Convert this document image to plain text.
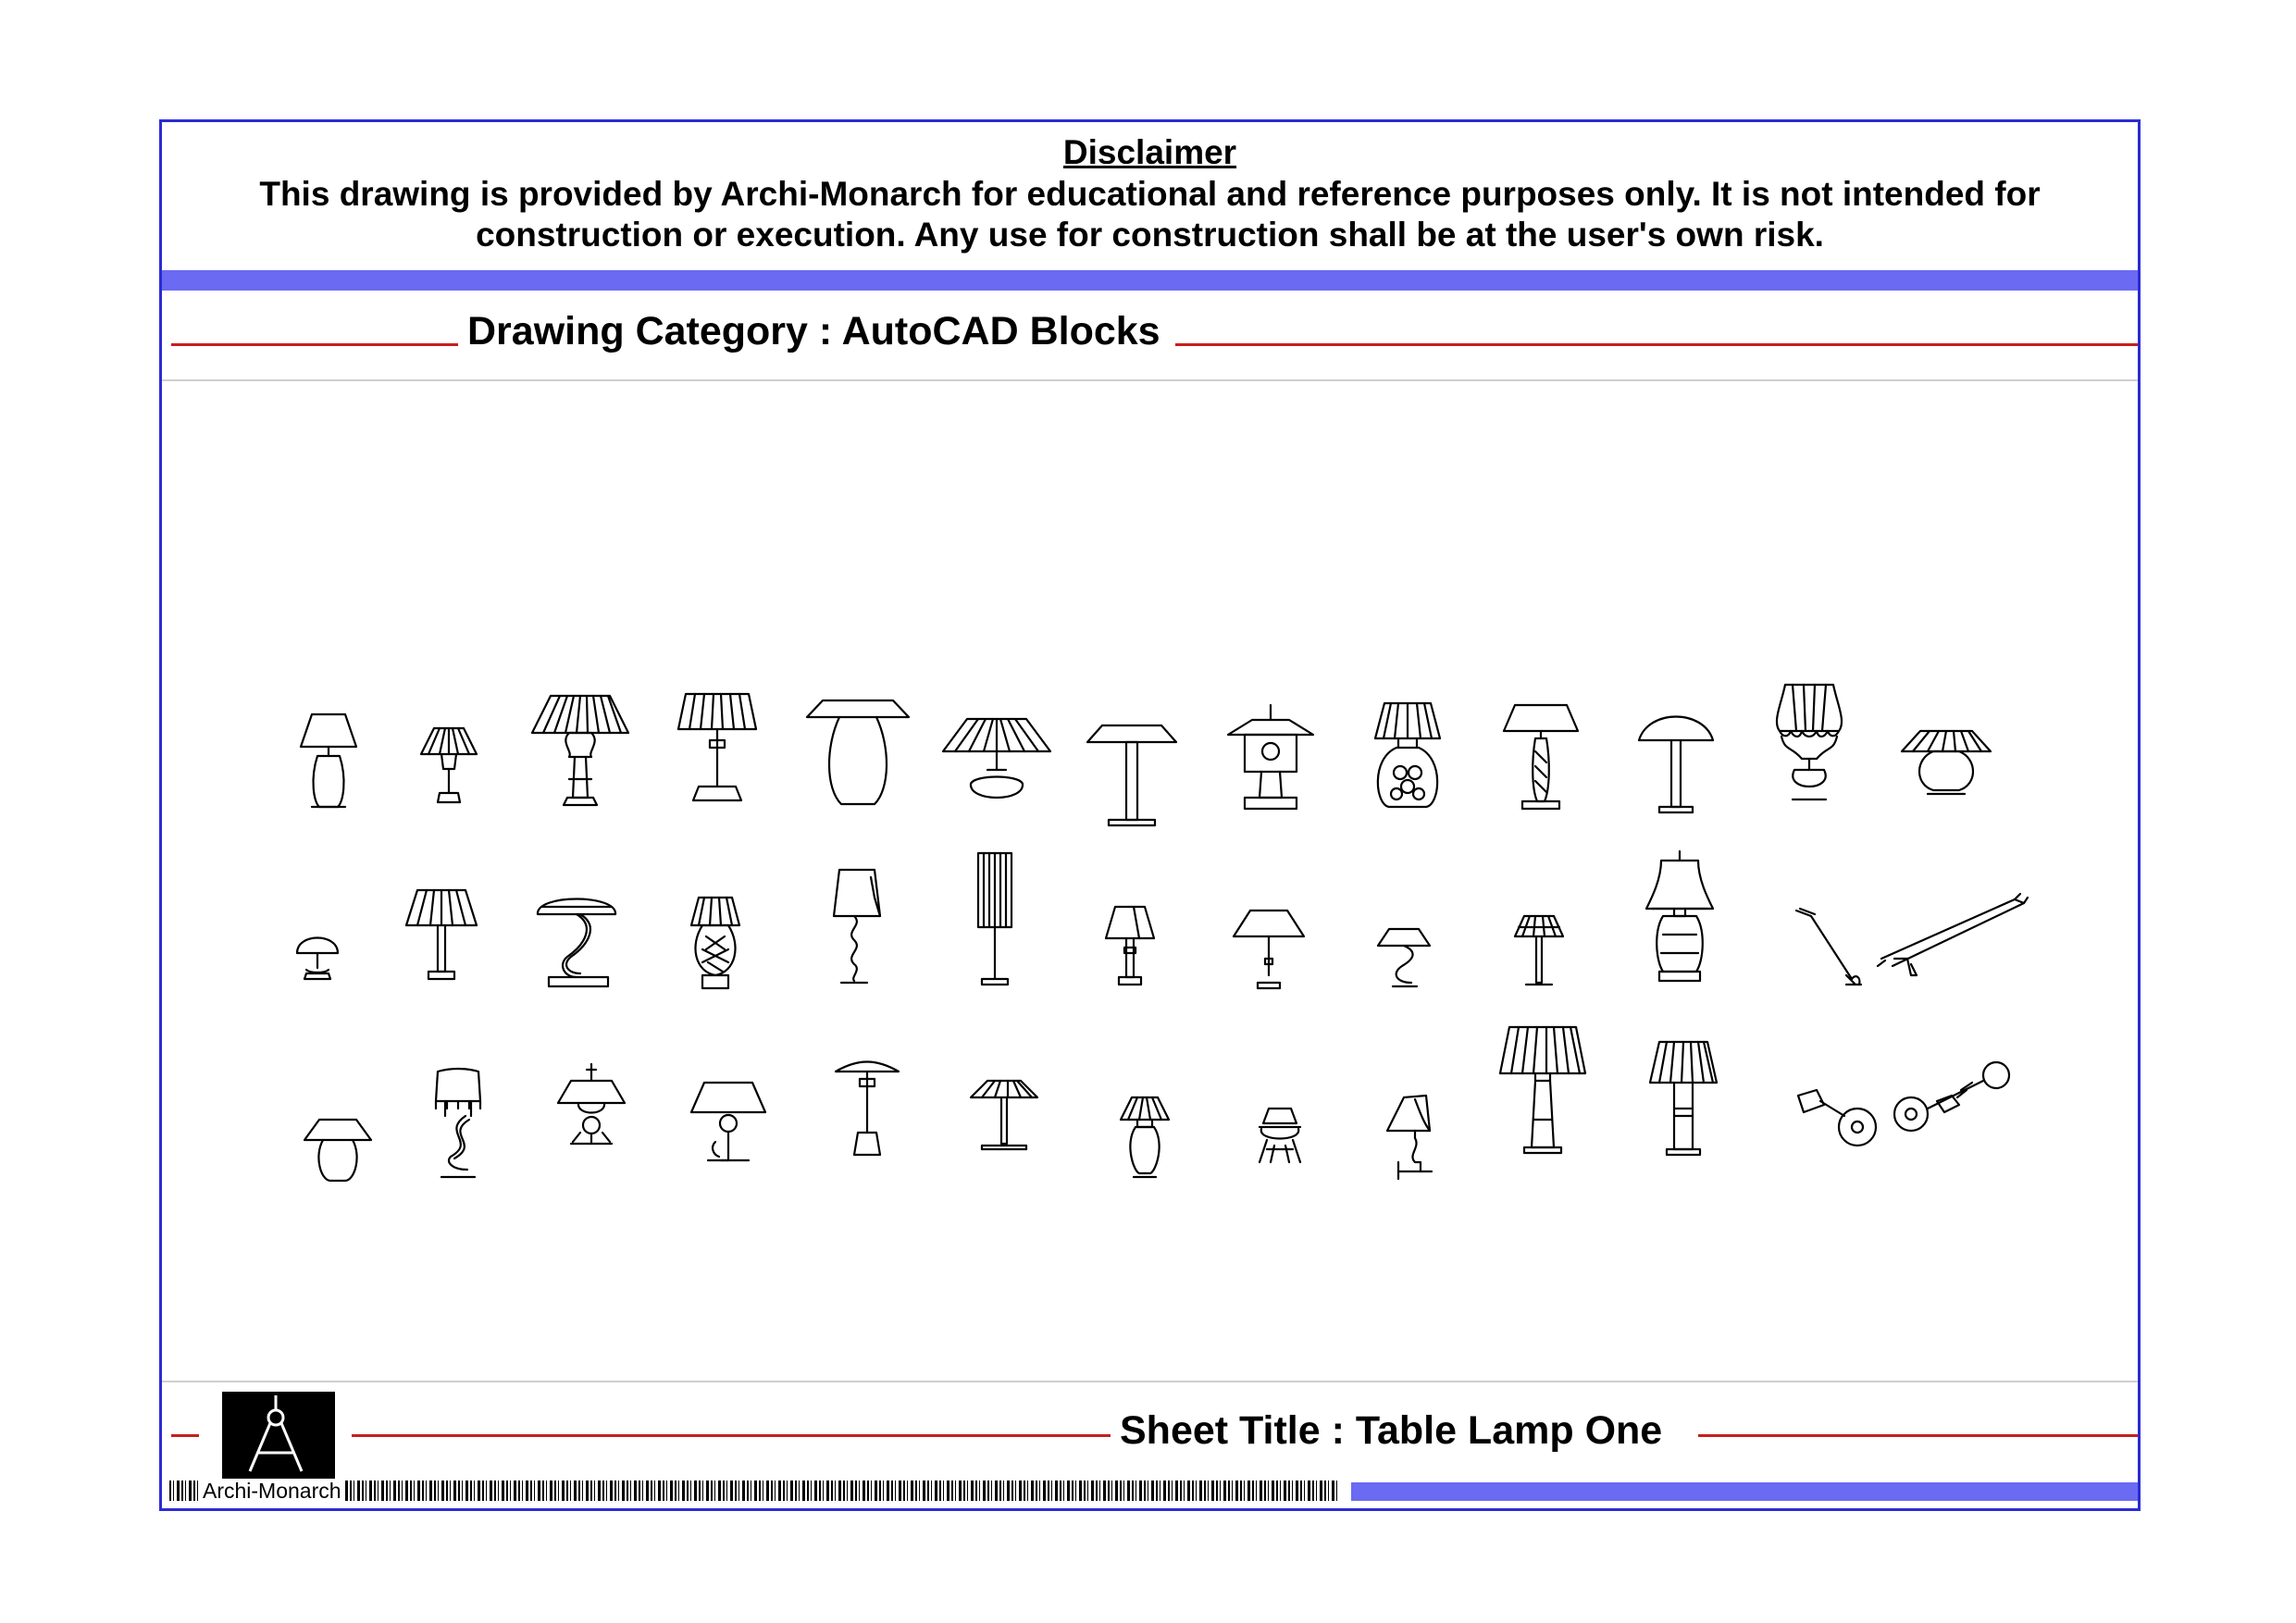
Disclaimer
This drawing is provided by Archi-Monarch for educational and reference purposes only. It is not intended for construction or execution. Any use for construction shall be at the user's own risk.
Drawing Category : AutoCAD Blocks
Sheet Title : Table Lamp One
Archi-Monarch
